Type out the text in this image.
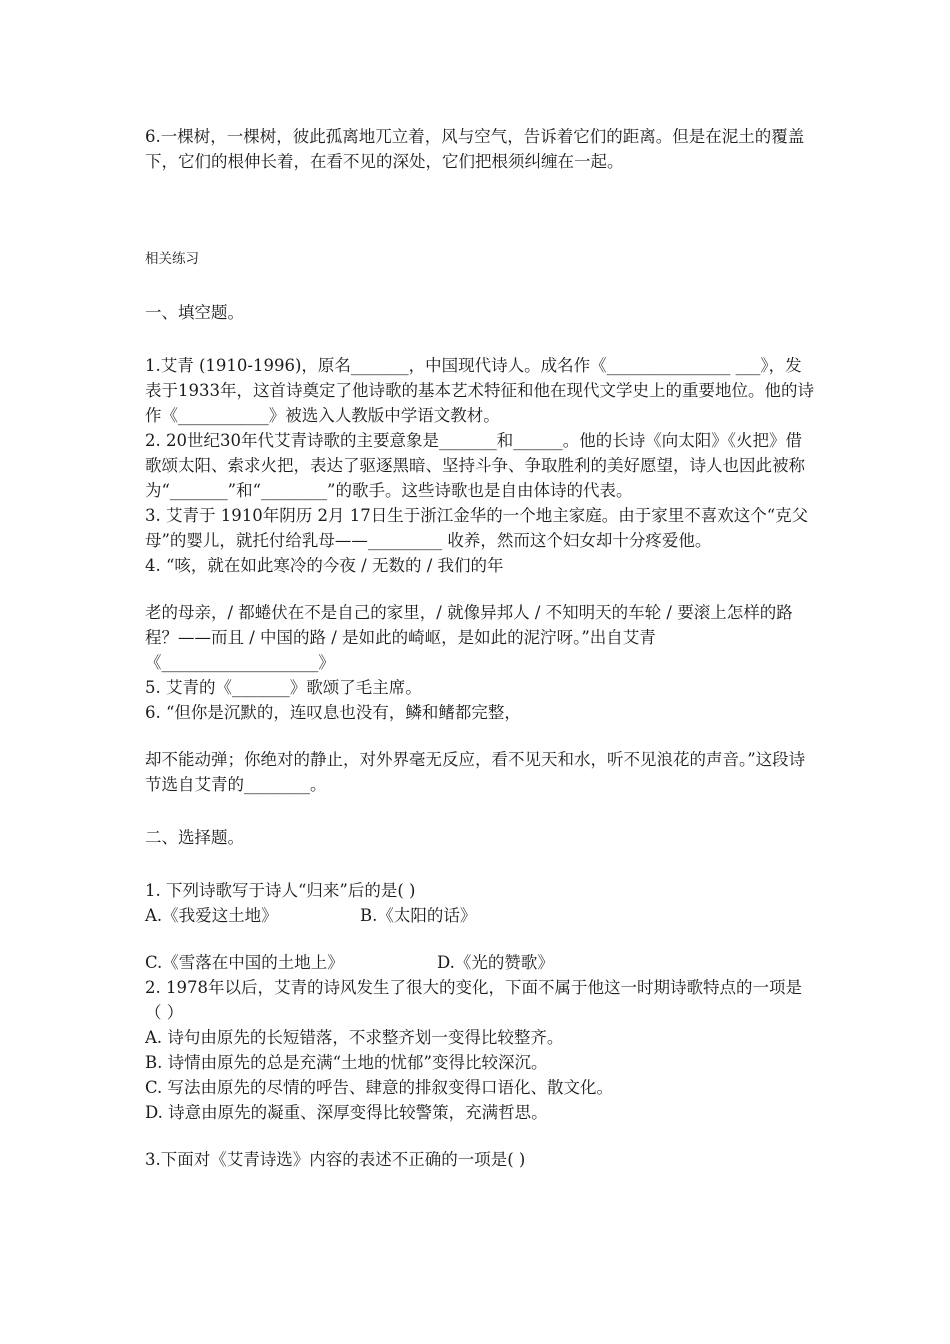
6.一棵树，一棵树，彼此孤离地兀立着，风与空气，告诉着它们的距离。但是在泥土的覆盖下，它们的根伸长着，在看不见的深处，它们把根须纠缠在一起。

相关练习

一、填空题。

1.艾青 (1910-1996)，原名_______，中国现代诗人。成名作《_______________ ___》，发表于1933年，这首诗奠定了他诗歌的基本艺术特征和他在现代文学史上的重要地位。他的诗作《___________》被选入人教版中学语文教材。

2. 20世纪30年代艾青诗歌的主要意象是_______和______。他的长诗《向太阳》《火把》借歌颂太阳、索求火把，表达了驱逐黑暗、坚持斗争、争取胜利的美好愿望，诗人也因此被称为“_______”和“________”的歌手。这些诗歌也是自由体诗的代表。

3. 艾青于 1910年阴历 2月 17日生于浙江金华的一个地主家庭。由于家里不喜欢这个“克父母”的婴儿，就托付给乳母——_________ 收养，然而这个妇女却十分疼爱他。

4. “咳，就在如此寒冷的今夜 / 无数的 / 我们的年

老的母亲，/ 都蜷伏在不是自己的家里，/ 就像异邦人 / 不知明天的车轮 / 要滚上怎样的路程？——而且 / 中国的路 / 是如此的崎岖，是如此的泥泞呀。”出自艾青《___________________》

5. 艾青的《_______》歌颂了毛主席。

6. “但你是沉默的，连叹息也没有，鳞和鳍都完整，

却不能动弹；你绝对的静止，对外界毫无反应，看不见天和水，听不见浪花的声音。”这段诗节选自艾青的________。

二、选择题。

1. 下列诗歌写于诗人“归来”后的是( )

A.《我爱这土地》	B.《太阳的话》

C.《雪落在中国的土地上》	D.《光的赞歌》

2. 1978年以后，艾青的诗风发生了很大的变化，下面不属于他这一时期诗歌特点的一项是（ ）

A. 诗句由原先的长短错落，不求整齐划一变得比较整齐。

B. 诗情由原先的总是充满“土地的忧郁”变得比较深沉。

C. 写法由原先的尽情的呼告、肆意的排叙变得口语化、散文化。

D. 诗意由原先的凝重、深厚变得比较警策，充满哲思。

3.下面对《艾青诗选》内容的表述不正确的一项是( )
